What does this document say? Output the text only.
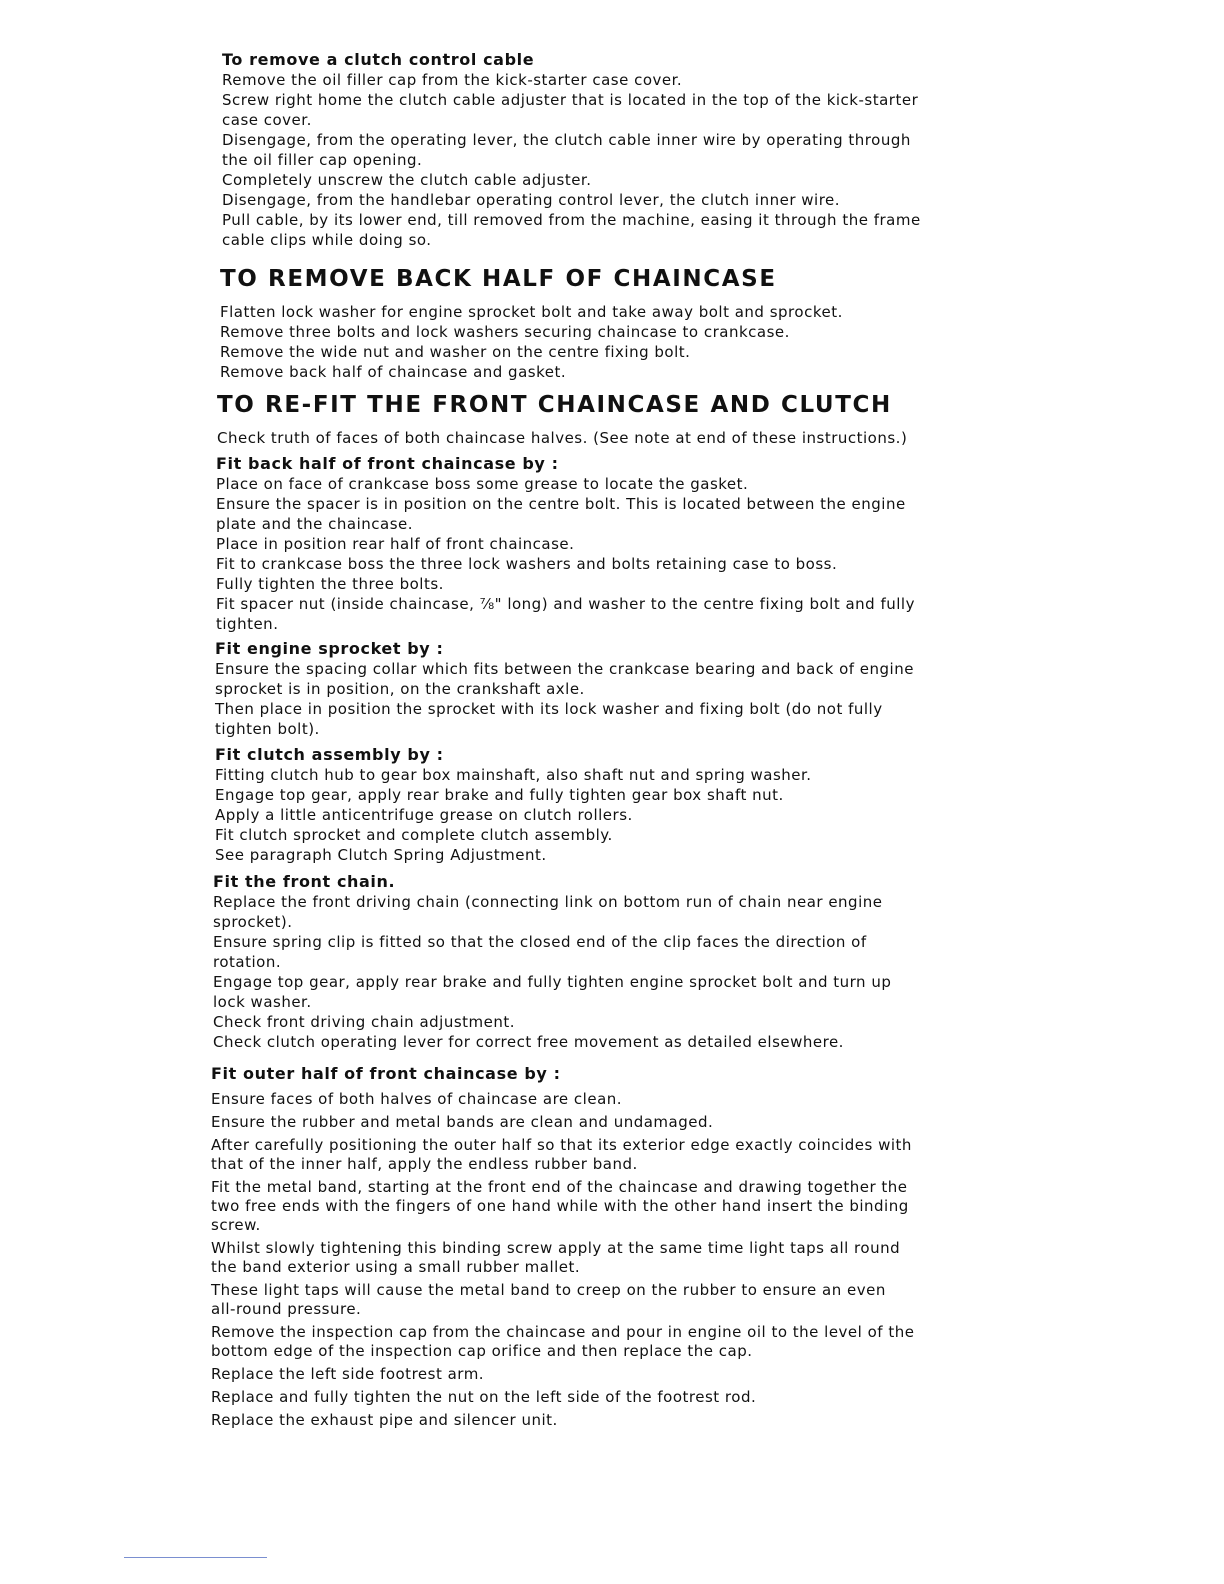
To remove a clutch control cable
Remove the oil filler cap from the kick-starter case cover.
Screw right home the clutch cable adjuster that is located in the top of the kick-starter
case cover.
Disengage, from the operating lever, the clutch cable inner wire by operating through
the oil filler cap opening.
Completely unscrew the clutch cable adjuster.
Disengage, from the handlebar operating control lever, the clutch inner wire.
Pull cable, by its lower end, till removed from the machine, easing it through the frame
cable clips while doing so.
TO REMOVE BACK HALF OF CHAINCASE
Flatten lock washer for engine sprocket bolt and take away bolt and sprocket.
Remove three bolts and lock washers securing chaincase to crankcase.
Remove the wide nut and washer on the centre fixing bolt.
Remove back half of chaincase and gasket.
TO RE-FIT THE FRONT CHAINCASE AND CLUTCH

Check truth of faces of both chaincase halves. (See note at end of these instructions.)

Fit back half of front chaincase by :
Place on face of crankcase boss some grease to locate the gasket.
Ensure the spacer is in position on the centre bolt. This is located between the engine
plate and the chaincase.
Place in position rear half of front chaincase.
Fit to crankcase boss the three lock washers and bolts retaining case to boss.
Fully tighten the three bolts.
Fit spacer nut (inside chaincase, ⅞" long) and washer to the centre fixing bolt and fully
tighten.
Fit engine sprocket by :
Ensure the spacing collar which fits between the crankcase bearing and back of engine
sprocket is in position, on the crankshaft axle.
Then place in position the sprocket with its lock washer and fixing bolt (do not fully
tighten bolt).
Fit clutch assembly by :
Fitting clutch hub to gear box mainshaft, also shaft nut and spring washer.
Engage top gear, apply rear brake and fully tighten gear box shaft nut.
Apply a little anticentrifuge grease on clutch rollers.
Fit clutch sprocket and complete clutch assembly.
See paragraph Clutch Spring Adjustment.
Fit the front chain.
Replace the front driving chain (connecting link on bottom run of chain near engine
sprocket).
Ensure spring clip is fitted so that the closed end of the clip faces the direction of
rotation.
Engage top gear, apply rear brake and fully tighten engine sprocket bolt and turn up
lock washer.
Check front driving chain adjustment.
Check clutch operating lever for correct free movement as detailed elsewhere.
Fit outer half of front chaincase by :
Ensure faces of both halves of chaincase are clean.
Ensure the rubber and metal bands are clean and undamaged.
After carefully positioning the outer half so that its exterior edge exactly coincides with
that of the inner half, apply the endless rubber band.
Fit the metal band, starting at the front end of the chaincase and drawing together the
two free ends with the fingers of one hand while with the other hand insert the binding
screw.
Whilst slowly tightening this binding screw apply at the same time light taps all round
the band exterior using a small rubber mallet.
These light taps will cause the metal band to creep on the rubber to ensure an even
all-round pressure.
Remove the inspection cap from the chaincase and pour in engine oil to the level of the
bottom edge of the inspection cap orifice and then replace the cap.
Replace the left side footrest arm.
Replace and fully tighten the nut on the left side of the footrest rod.
Replace the exhaust pipe and silencer unit.
